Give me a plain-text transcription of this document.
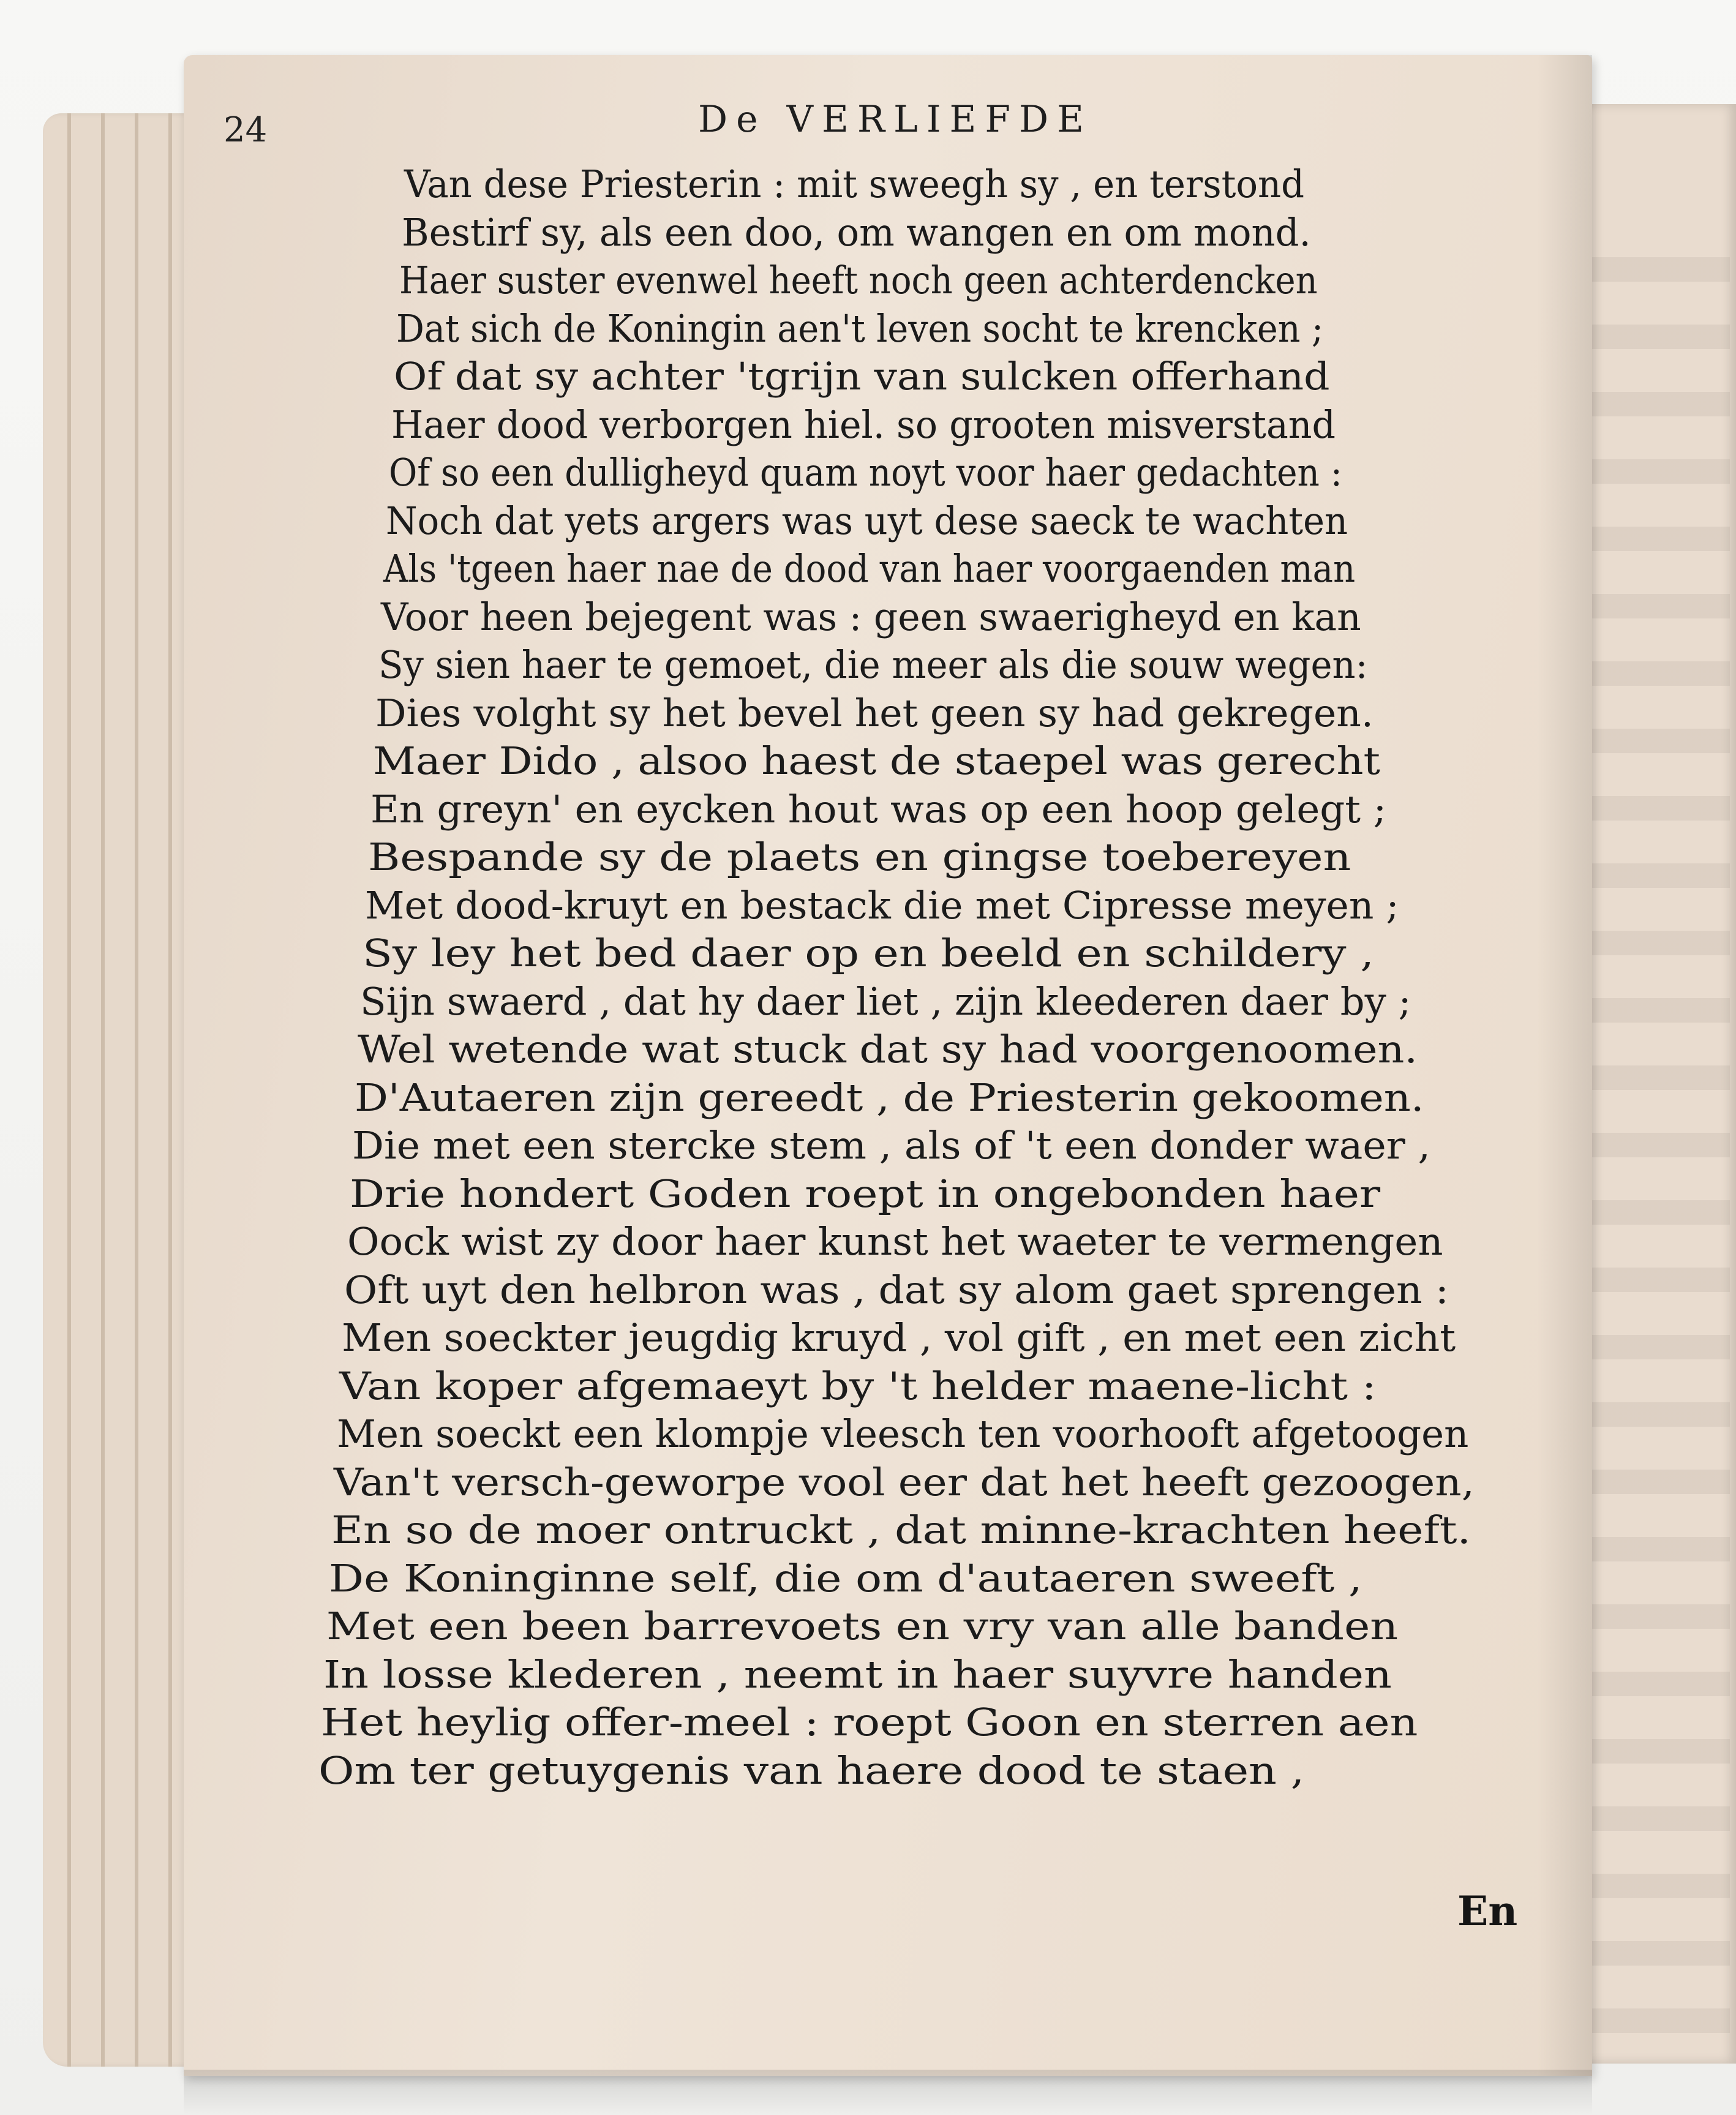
24	De VERLIEFDE
Van dese Priesterin : mit sweegh sy , en terstond
Bestirf sy, als een doo, om wangen en om mond.
Haer suster evenwel heeft noch geen achterdencken
Dat sich de Koningin aen't leven socht te krencken ;
Of dat sy achter 'tgrijn van sulcken offerhand
Haer dood verborgen hiel. so grooten misverstand
Of so een dulligheyd quam noyt voor haer gedachten :
Noch dat yets argers was uyt dese saeck te wachten
Als 'tgeen haer nae de dood van haer voorgaenden man
Voor heen bejegent was : geen swaerigheyd en kan
Sy sien haer te gemoet, die meer als die souw wegen:
Dies volght sy het bevel het geen sy had gekregen.
Maer Dido , alsoo haest de staepel was gerecht
En greyn' en eycken hout was op een hoop gelegt ;
Bespande sy de plaets en gingse toebereyen
Met dood-kruyt en bestack die met Cipresse meyen ;
Sy ley het bed daer op en beeld en schildery ,
Sijn swaerd , dat hy daer liet , zijn kleederen daer by ;
Wel wetende wat stuck dat sy had voorgenoomen.
D'Autaeren zijn gereedt , de Priesterin gekoomen.
Die met een stercke stem , als of 't een donder waer ,
Drie hondert Goden roept in ongebonden haer
Oock wist zy door haer kunst het waeter te vermengen
Oft uyt den helbron was , dat sy alom gaet sprengen :
Men soeckter jeugdig kruyd , vol gift , en met een zicht
Van koper afgemaeyt by 't helder maene-licht :
Men soeckt een klompje vleesch ten voorhooft afgetoogen
Van't versch-geworpe vool eer dat het heeft gezoogen,
En so de moer ontruckt , dat minne-krachten heeft.
De Koninginne self, die om d'autaeren sweeft ,
Met een been barrevoets en vry van alle banden
In losse klederen , neemt in haer suyvre handen
Het heylig offer-meel : roept Goon en sterren aen
Om ter getuygenis van haere dood te staen ,
En
